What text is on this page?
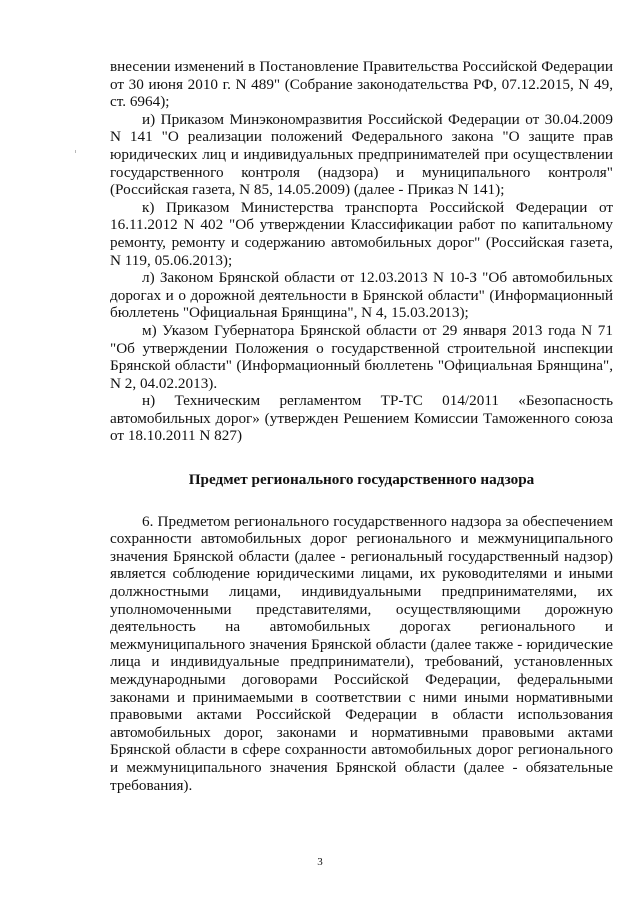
внесении изменений в Постановление Правительства Российской Федерации от 30 июня 2010 г. N 489" (Собрание законодательства РФ, 07.12.2015, N 49, ст. 6964);

и) Приказом Минэкономразвития Российской Федерации от 30.04.2009 N 141 "О реализации положений Федерального закона "О защите прав юридических лиц и индивидуальных предпринимателей при осуществлении государственного контроля (надзора) и муниципального контроля" (Российская газета, N 85, 14.05.2009) (далее - Приказ N 141);

к) Приказом Министерства транспорта Российской Федерации от 16.11.2012 N 402 "Об утверждении Классификации работ по капитальному ремонту, ремонту и содержанию автомобильных дорог" (Российская газета, N 119, 05.06.2013);

л) Законом Брянской области от 12.03.2013 N 10-З "Об автомобильных дорогах и о дорожной деятельности в Брянской области" (Информационный бюллетень "Официальная Брянщина", N 4, 15.03.2013);

м) Указом Губернатора Брянской области от 29 января 2013 года N 71 "Об утверждении Положения о государственной строительной инспекции Брянской области" (Информационный бюллетень "Официальная Брянщина", N 2, 04.02.2013).

н) Техническим регламентом ТР-ТС 014/2011 «Безопасность автомобильных дорог» (утвержден Решением Комиссии Таможенного союза от 18.10.2011 N 827)

Предмет регионального государственного надзора

6. Предметом регионального государственного надзора за обеспечением сохранности автомобильных дорог регионального и межмуниципального значения Брянской области (далее - региональный государственный надзор) является соблюдение юридическими лицами, их руководителями и иными должностными лицами, индивидуальными предпринимателями, их уполномоченными представителями, осуществляющими дорожную деятельность на автомобильных дорогах регионального и межмуниципального значения Брянской области (далее также - юридические лица и индивидуальные предприниматели), требований, установленных международными договорами Российской Федерации, федеральными законами и принимаемыми в соответствии с ними иными нормативными правовыми актами Российской Федерации в области использования автомобильных дорог, законами и нормативными правовыми актами Брянской области в сфере сохранности автомобильных дорог регионального и межмуниципального значения Брянской области (далее - обязательные требования).

3
